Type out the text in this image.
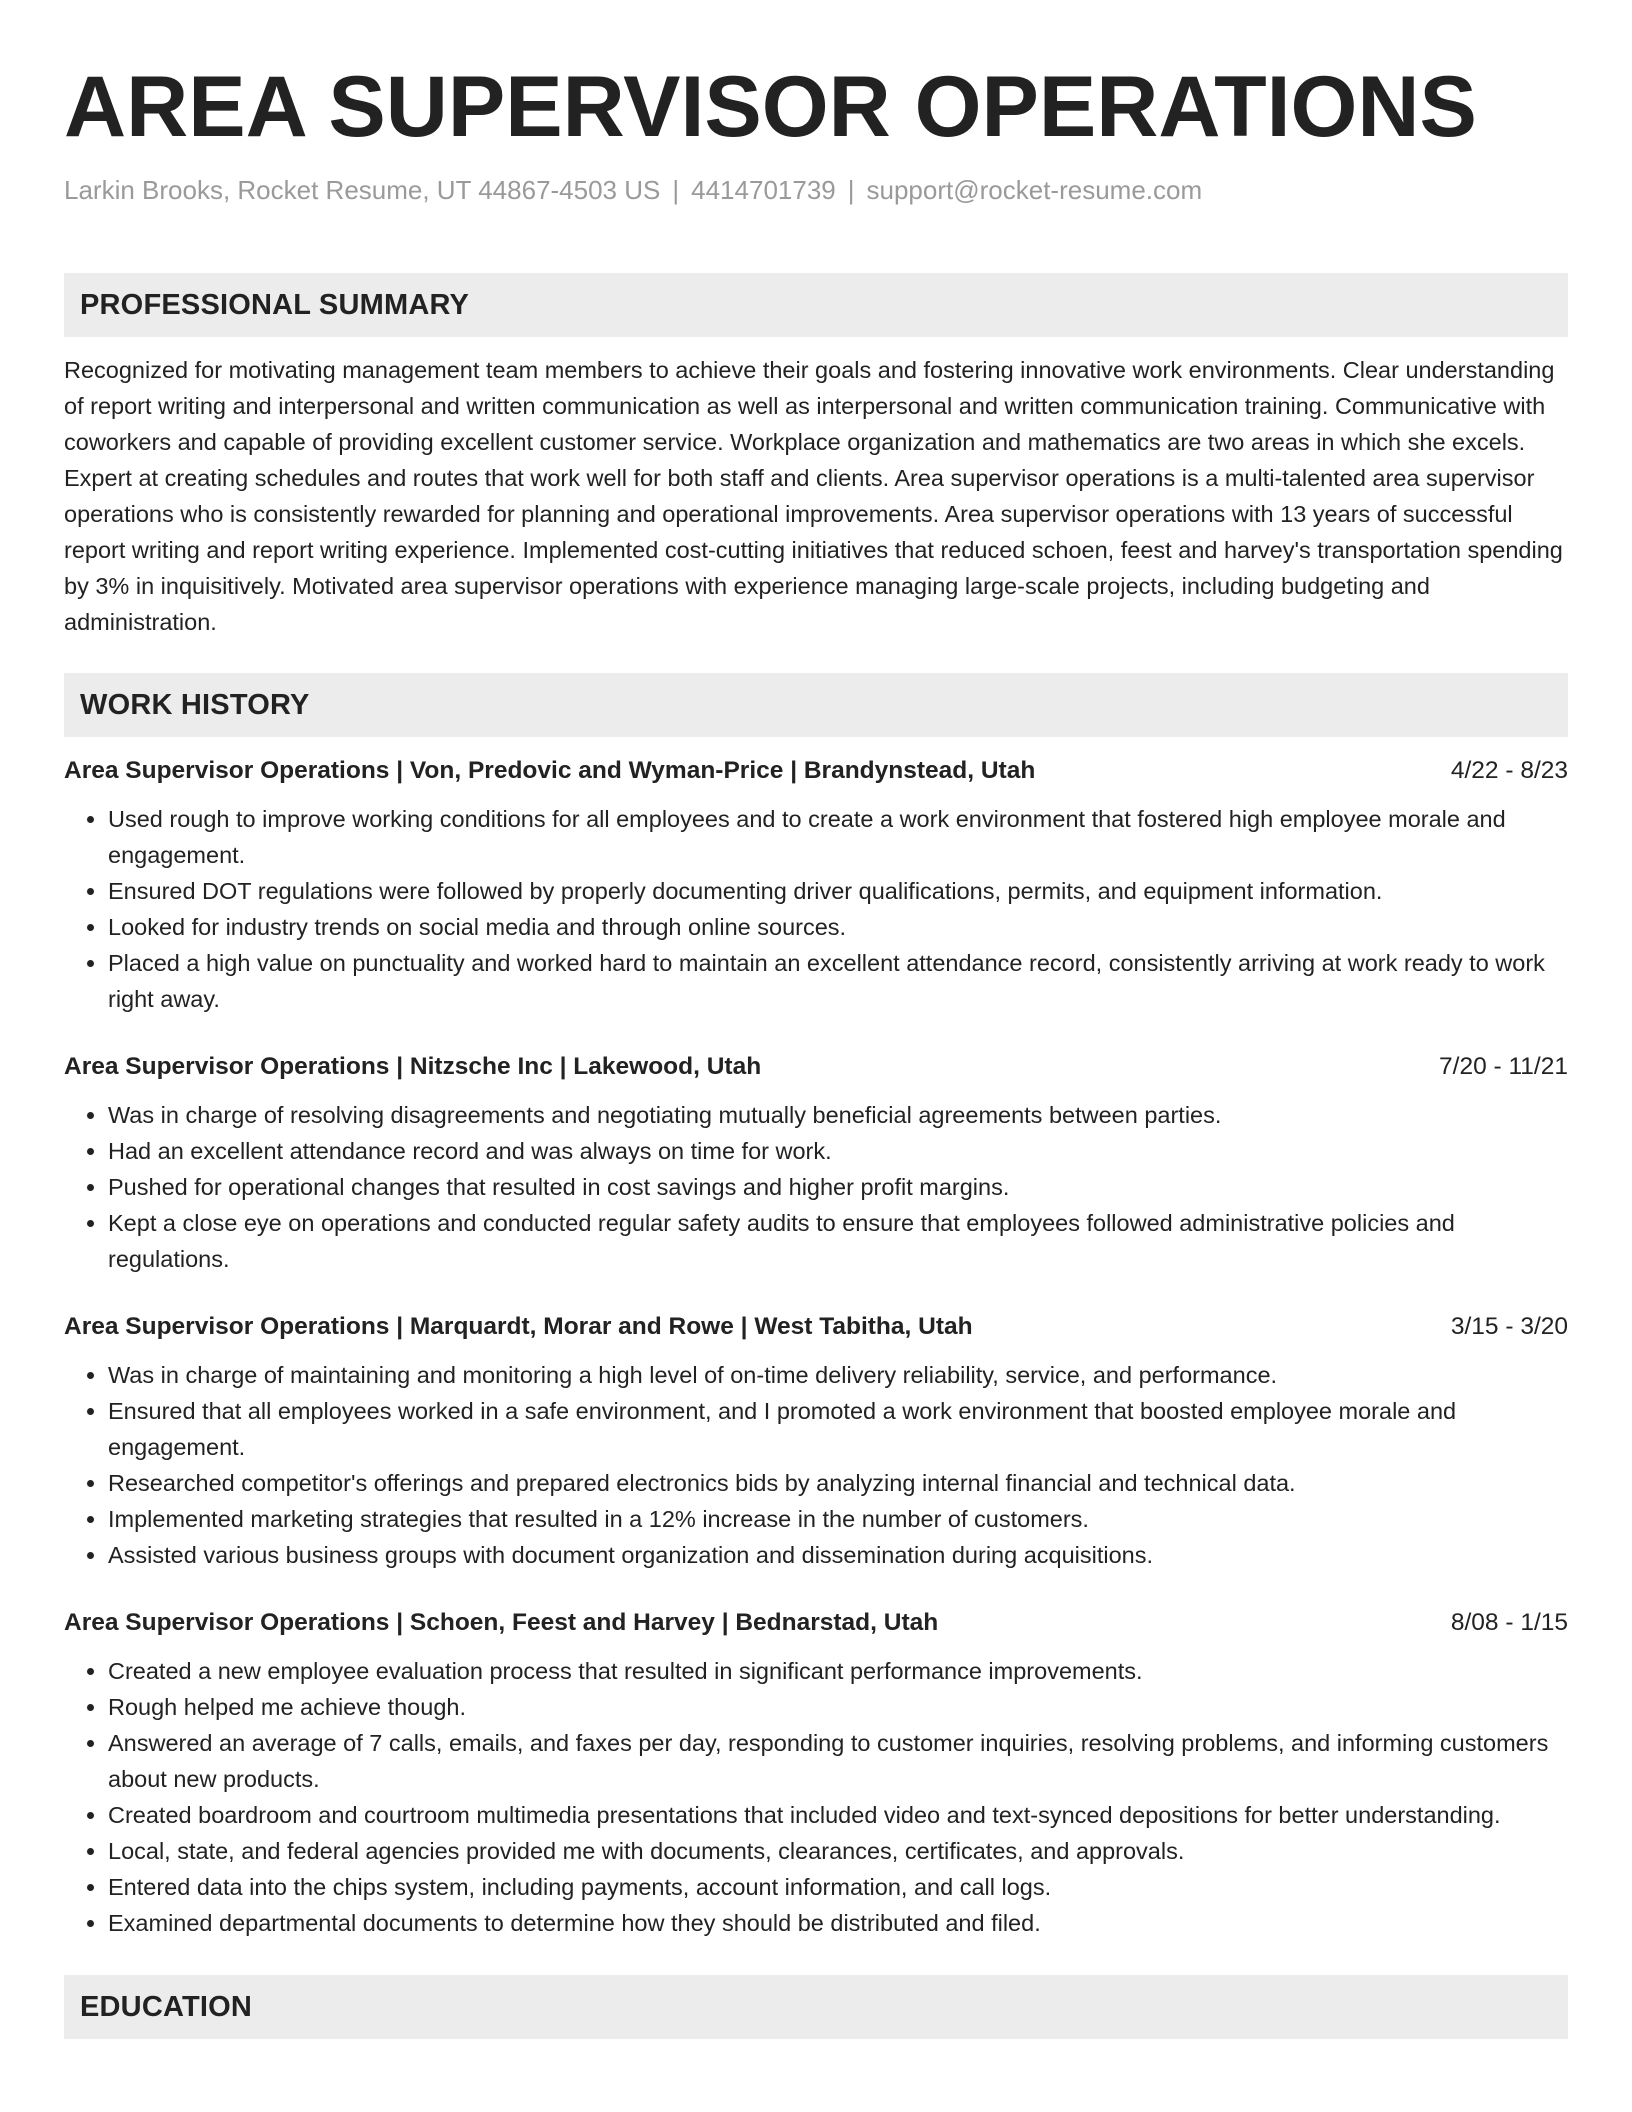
AREA SUPERVISOR OPERATIONS
Larkin Brooks, Rocket Resume, UT 44867-4503 US | 4414701739 | support@rocket-resume.com
PROFESSIONAL SUMMARY
Recognized for motivating management team members to achieve their goals and fostering innovative work environments. Clear understanding of report writing and interpersonal and written communication as well as interpersonal and written communication training. Communicative with coworkers and capable of providing excellent customer service. Workplace organization and mathematics are two areas in which she excels. Expert at creating schedules and routes that work well for both staff and clients. Area supervisor operations is a multi-talented area supervisor operations who is consistently rewarded for planning and operational improvements. Area supervisor operations with 13 years of successful report writing and report writing experience. Implemented cost-cutting initiatives that reduced schoen, feest and harvey's transportation spending by 3% in inquisitively. Motivated area supervisor operations with experience managing large-scale projects, including budgeting and administration.
WORK HISTORY
Area Supervisor Operations | Von, Predovic and Wyman-Price | Brandynstead, Utah	4/22 - 8/23
• Used rough to improve working conditions for all employees and to create a work environment that fostered high employee morale and engagement.
• Ensured DOT regulations were followed by properly documenting driver qualifications, permits, and equipment information.
• Looked for industry trends on social media and through online sources.
• Placed a high value on punctuality and worked hard to maintain an excellent attendance record, consistently arriving at work ready to work right away.
Area Supervisor Operations | Nitzsche Inc | Lakewood, Utah	7/20 - 11/21
• Was in charge of resolving disagreements and negotiating mutually beneficial agreements between parties.
• Had an excellent attendance record and was always on time for work.
• Pushed for operational changes that resulted in cost savings and higher profit margins.
• Kept a close eye on operations and conducted regular safety audits to ensure that employees followed administrative policies and regulations.
Area Supervisor Operations | Marquardt, Morar and Rowe | West Tabitha, Utah	3/15 - 3/20
• Was in charge of maintaining and monitoring a high level of on-time delivery reliability, service, and performance.
• Ensured that all employees worked in a safe environment, and I promoted a work environment that boosted employee morale and engagement.
• Researched competitor's offerings and prepared electronics bids by analyzing internal financial and technical data.
• Implemented marketing strategies that resulted in a 12% increase in the number of customers.
• Assisted various business groups with document organization and dissemination during acquisitions.
Area Supervisor Operations | Schoen, Feest and Harvey | Bednarstad, Utah	8/08 - 1/15
• Created a new employee evaluation process that resulted in significant performance improvements.
• Rough helped me achieve though.
• Answered an average of 7 calls, emails, and faxes per day, responding to customer inquiries, resolving problems, and informing customers about new products.
• Created boardroom and courtroom multimedia presentations that included video and text-synced depositions for better understanding.
• Local, state, and federal agencies provided me with documents, clearances, certificates, and approvals.
• Entered data into the chips system, including payments, account information, and call logs.
• Examined departmental documents to determine how they should be distributed and filed.
EDUCATION
